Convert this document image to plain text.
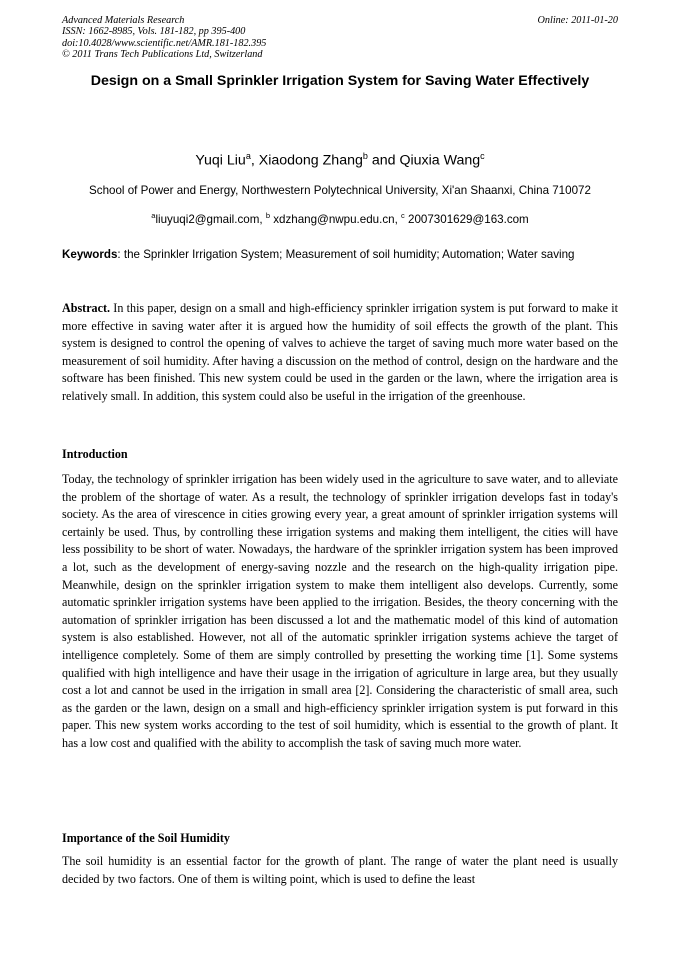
Advanced Materials Research
ISSN: 1662-8985, Vols. 181-182, pp 395-400
doi:10.4028/www.scientific.net/AMR.181-182.395
© 2011 Trans Tech Publications Ltd, Switzerland
Online: 2011-01-20
Design on a Small Sprinkler Irrigation System for Saving Water Effectively
Yuqi Liu$^a$, Xiaodong Zhang$^b$ and Qiuxia Wang$^c$
School of Power and Energy, Northwestern Polytechnical University, Xi'an Shaanxi, China 710072
$^a$liuyuqi2@gmail.com, $^b$ xdzhang@nwpu.edu.cn, $^c$ 2007301629@163.com
Keywords: the Sprinkler Irrigation System; Measurement of soil humidity; Automation; Water saving

Abstract. In this paper, design on a small and high-efficiency sprinkler irrigation system is put forward to make it more effective in saving water after it is argued how the humidity of soil effects the growth of the plant. This system is designed to control the opening of valves to achieve the target of saving much more water based on the measurement of soil humidity. After having a discussion on the method of control, design on the hardware and the software has been finished. This new system could be used in the garden or the lawn, where the irrigation area is relatively small. In addition, this system could also be useful in the irrigation of the greenhouse.

Introduction

Today, the technology of sprinkler irrigation has been widely used in the agriculture to save water, and to alleviate the problem of the shortage of water. As a result, the technology of sprinkler irrigation develops fast in today's society. As the area of virescence in cities growing every year, a great amount of sprinkler irrigation systems will certainly be used. Thus, by controlling these irrigation systems and making them intelligent, the cities will have less possibility to be short of water. Nowadays, the hardware of the sprinkler irrigation system has been improved a lot, such as the development of energy-saving nozzle and the research on the high-quality irrigation pipe. Meanwhile, design on the sprinkler irrigation system to make them intelligent also develops. Currently, some automatic sprinkler irrigation systems have been applied to the irrigation. Besides, the theory concerning with the automation of sprinkler irrigation has been discussed a lot and the mathematic model of this kind of automation system is also established. However, not all of the automatic sprinkler irrigation systems achieve the target of intelligence completely. Some of them are simply controlled by presetting the working time [1]. Some systems qualified with high intelligence and have their usage in the irrigation of agriculture in large area, but they usually cost a lot and cannot be used in the irrigation in small area [2]. Considering the characteristic of small area, such as the garden or the lawn, design on a small and high-efficiency sprinkler irrigation system is put forward in this paper. This new system works according to the test of soil humidity, which is essential to the growth of plant. It has a low cost and qualified with the ability to accomplish the task of saving much more water.

Importance of the Soil Humidity

The soil humidity is an essential factor for the growth of plant. The range of water the plant need is usually decided by two factors. One of them is wilting point, which is used to define the least
